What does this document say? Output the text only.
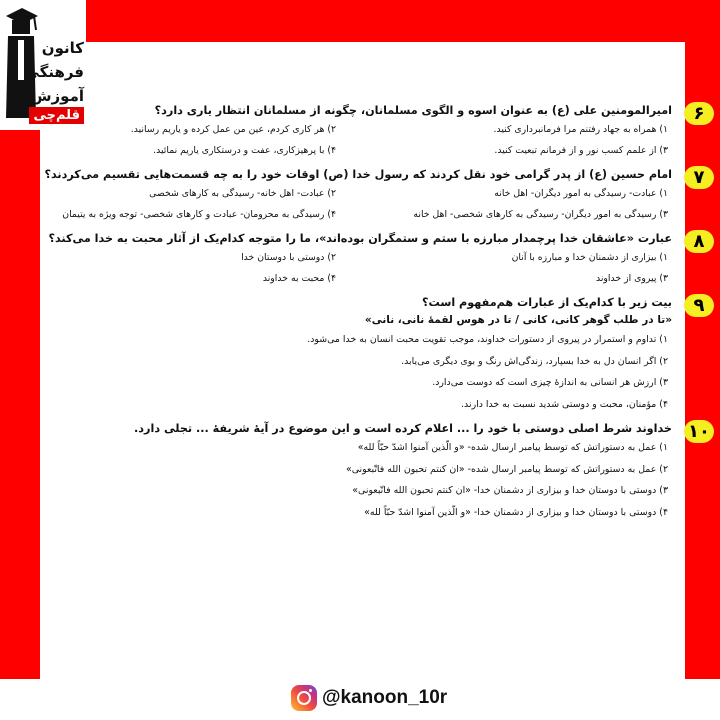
کانون
فرهنگی
آموزش
قلم‌چی	۶
امیرالمومنین علی (ع) به عنوان اسوه و الگوی مسلمانان، چگونه از مسلمانان انتظار یاری دارد؟
۱) همراه به جهاد رفتنم مرا فرمانبرداری کنید.
۲) هر کاری کردم، عین من عمل کرده و یاریم رسانید.
۳) از علمم کسب نور و از فرمانم تبعیت کنید.
۴) با پرهیزکاری، عفت و درستکاری یاریم نمائید.
۷
امام حسین (ع) از پدر گرامی خود نقل کردند که رسول خدا (ص) اوقات خود را به چه قسمت‌هایی تقسیم می‌کردند؟
۱) عبادت- رسیدگی به امور دیگران- اهل خانه
۲) عبادت- اهل خانه- رسیدگی به کارهای شخصی
۳) رسیدگی به امور دیگران- رسیدگی به کارهای شخصی- اهل خانه
۴) رسیدگی به محرومان- عبادت و کارهای شخصی- توجه ویژه به یتیمان
۸
عبارت «عاشقان خدا پرچمدار مبارزه با ستم و ستمگران بوده‌اند»، ما را متوجه کدام‌یک از آثار محبت به خدا می‌کند؟
۱) بیزاری از دشمنان خدا و مبارزه با آنان
۲) دوستی با دوستان خدا
۳) پیروی از خداوند
۴) محبت به خداوند
۹
بیت زیر با کدام‌یک از عبارات هم‌مفهوم است؟
«تا در طلب گوهر کانی، کانی / تا در هوس لقمهٔ نانی، نانی»
۱) تداوم و استمرار در پیروی از دستورات خداوند، موجب تقویت محبت انسان به خدا می‌شود.
۲) اگر انسان دل به خدا بسپارد، زندگی‌اش رنگ و بوی دیگری می‌یابد.
۳) ارزش هر انسانی به اندازهٔ چیزی است که دوست می‌دارد.
۴) مؤمنان، محبت و دوستی شدید نسبت به خدا دارند.
۱۰
خداوند شرط اصلی دوستی با خود را ... اعلام کرده است و این موضوع در آیهٔ شریفهٔ ... تجلی دارد.
۱) عمل به دستوراتش که توسط پیامبر ارسال شده- «و الّذین آمنوا اشدّ حبّاً لله»
۲) عمل به دستوراتش که توسط پیامبر ارسال شده- «ان کنتم تحبون الله فاتّبعونی»
۳) دوستی با دوستان خدا و بیزاری از دشمنان خدا- «ان کنتم تحبون الله فاتّبعونی»
۴) دوستی با دوستان خدا و بیزاری از دشمنان خدا- «و الّذین آمنوا اشدّ حبّاً لله»
@kanoon_10r
